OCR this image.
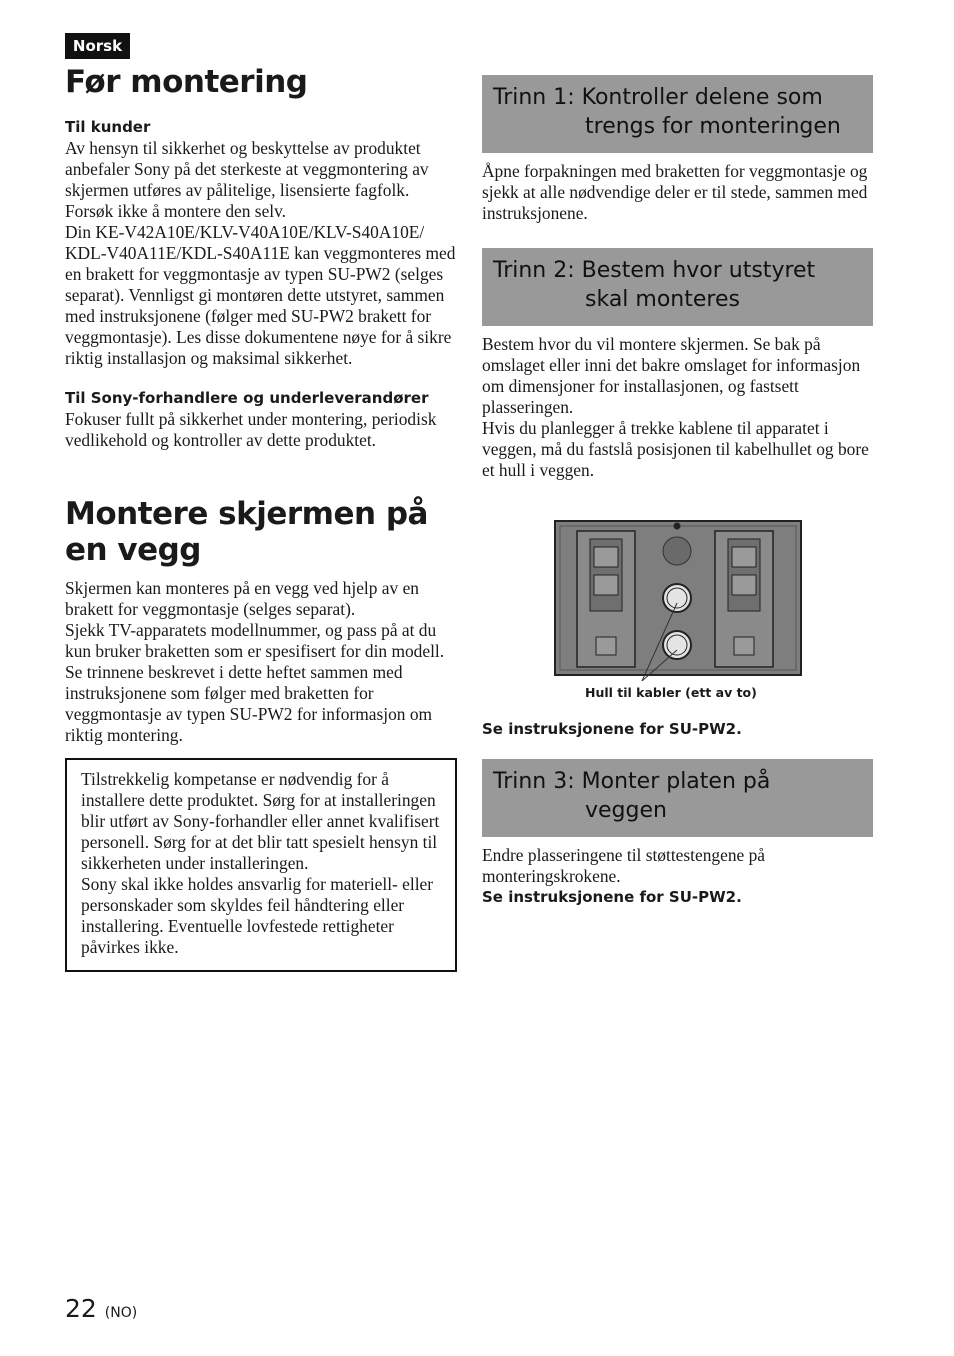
Norsk
Før montering

Til kunder

Av hensyn til sikkerhet og beskyttelse av produktet anbefaler Sony på det sterkeste at veggmontering av skjermen utføres av pålitelige, lisensierte fagfolk. Forsøk ikke å montere den selv.

Din KE-V42A10E/KLV-V40A10E/KLV-S40A10E/ KDL-V40A11E/KDL-S40A11E kan veggmonteres med en brakett for veggmontasje av typen SU-PW2 (selges separat). Vennligst gi montøren dette utstyret, sammen med instruksjonene (følger med SU-PW2 brakett for veggmontasje). Les disse dokumentene nøye for å sikre riktig installasjon og maksimal sikkerhet.

Til Sony-forhandlere og underleverandører

Fokuser fullt på sikkerhet under montering, periodisk vedlikehold og kontroller av dette produktet.

Montere skjermen på en vegg

Skjermen kan monteres på en vegg ved hjelp av en brakett for veggmontasje (selges separat).

Sjekk TV-apparatets modellnummer, og pass på at du kun bruker braketten som er spesifisert for din modell. Se trinnene beskrevet i dette heftet sammen med instruksjonene som følger med braketten for veggmontasje av typen SU-PW2 for informasjon om riktig montering.

Tilstrekkelig kompetanse er nødvendig for å installere dette produktet. Sørg for at installeringen blir utført av Sony-forhandler eller annet kvalifisert personell. Sørg for at det blir tatt spesielt hensyn til sikkerheten under installeringen.

Sony skal ikke holdes ansvarlig for materiell- eller personskader som skyldes feil håndtering eller installering. Eventuelle lovfestede rettigheter påvirkes ikke.

Trinn 1: Kontroller delene som
trengs for monteringen

Åpne forpakningen med braketten for veggmontasje og sjekk at alle nødvendige deler er til stede, sammen med instruksjonene.

Trinn 2: Bestem hvor utstyret
skal monteres

Bestem hvor du vil montere skjermen. Se bak på omslaget eller inni det bakre omslaget for informasjon om dimensjoner for installasjonen, og fastsett plasseringen.

Hvis du planlegger å trekke kablene til apparatet i veggen, må du fastslå posisjonen til kabelhullet og bore et hull i veggen.

Hull til kabler (ett av to)

Se instruksjonene for SU-PW2.

Trinn 3: Monter platen på
veggen

Endre plasseringene til støttestengene på monteringskrokene.

Se instruksjonene for SU-PW2.

22 (NO)
